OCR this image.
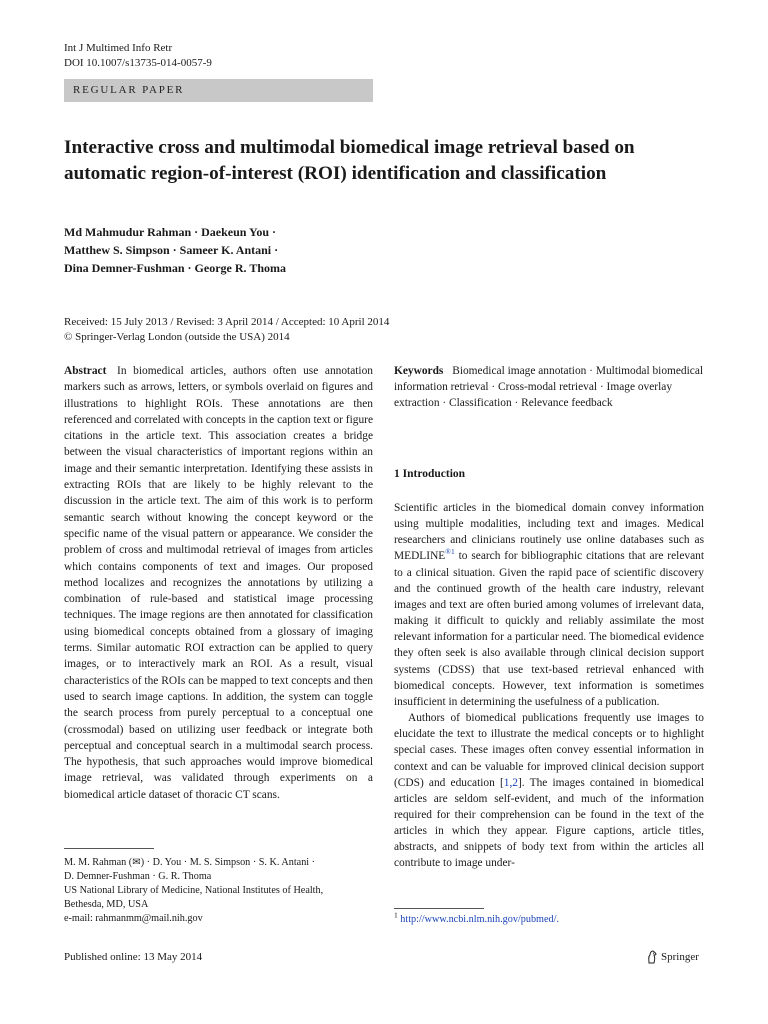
Int J Multimed Info Retr
DOI 10.1007/s13735-014-0057-9
REGULAR PAPER
Interactive cross and multimodal biomedical image retrieval based on automatic region-of-interest (ROI) identification and classification
Md Mahmudur Rahman · Daekeun You ·
Matthew S. Simpson · Sameer K. Antani ·
Dina Demner-Fushman · George R. Thoma
Received: 15 July 2013 / Revised: 3 April 2014 / Accepted: 10 April 2014
© Springer-Verlag London (outside the USA) 2014
Abstract In biomedical articles, authors often use annotation markers such as arrows, letters, or symbols overlaid on figures and illustrations to highlight ROIs. These annotations are then referenced and correlated with concepts in the caption text or figure citations in the article text. This association creates a bridge between the visual characteristics of important regions within an image and their semantic interpretation. Identifying these assists in extracting ROIs that are likely to be highly relevant to the discussion in the article text. The aim of this work is to perform semantic search without knowing the concept keyword or the specific name of the visual pattern or appearance. We consider the problem of cross and multimodal retrieval of images from articles which contains components of text and images. Our proposed method localizes and recognizes the annotations by utilizing a combination of rule-based and statistical image processing techniques. The image regions are then annotated for classification using biomedical concepts obtained from a glossary of imaging terms. Similar automatic ROI extraction can be applied to query images, or to interactively mark an ROI. As a result, visual characteristics of the ROIs can be mapped to text concepts and then used to search image captions. In addition, the system can toggle the search process from purely perceptual to a conceptual one (crossmodal) based on utilizing user feedback or integrate both perceptual and conceptual search in a multimodal search process. The hypothesis, that such approaches would improve biomedical image retrieval, was validated through experiments on a biomedical article dataset of thoracic CT scans.
M. M. Rahman (✉) · D. You · M. S. Simpson · S. K. Antani ·
D. Demner-Fushman · G. R. Thoma
US National Library of Medicine, National Institutes of Health,
Bethesda, MD, USA
e-mail: rahmanmm@mail.nih.gov
Published online: 13 May 2014
Keywords Biomedical image annotation · Multimodal biomedical information retrieval · Cross-modal retrieval · Image overlay extraction · Classification · Relevance feedback
1 Introduction

Scientific articles in the biomedical domain convey information using multiple modalities, including text and images. Medical researchers and clinicians routinely use online databases such as $MEDLINE^{®1}$ to search for bibliographic citations that are relevant to a clinical situation. Given the rapid pace of scientific discovery and the continued growth of the health care industry, relevant images and text are often buried among volumes of irrelevant data, making it difficult to quickly and reliably assimilate the most relevant information for a particular need. The biomedical evidence they often seek is also available through clinical decision support systems (CDSS) that use text-based retrieval enhanced with biomedical concepts. However, text information is sometimes insufficient in determining the usefulness of a publication.

Authors of biomedical publications frequently use images to elucidate the text to illustrate the medical concepts or to highlight special cases. These images often convey essential information in context and can be valuable for improved clinical decision support (CDS) and education [1,2]. The images contained in biomedical articles are seldom self-evident, and much of the information required for their comprehension can be found in the text of the articles in which they appear. Figure captions, article titles, abstracts, and snippets of body text from within the articles all contribute to image under-

$^1$ http://www.ncbi.nlm.nih.gov/pubmed/.
Springer
